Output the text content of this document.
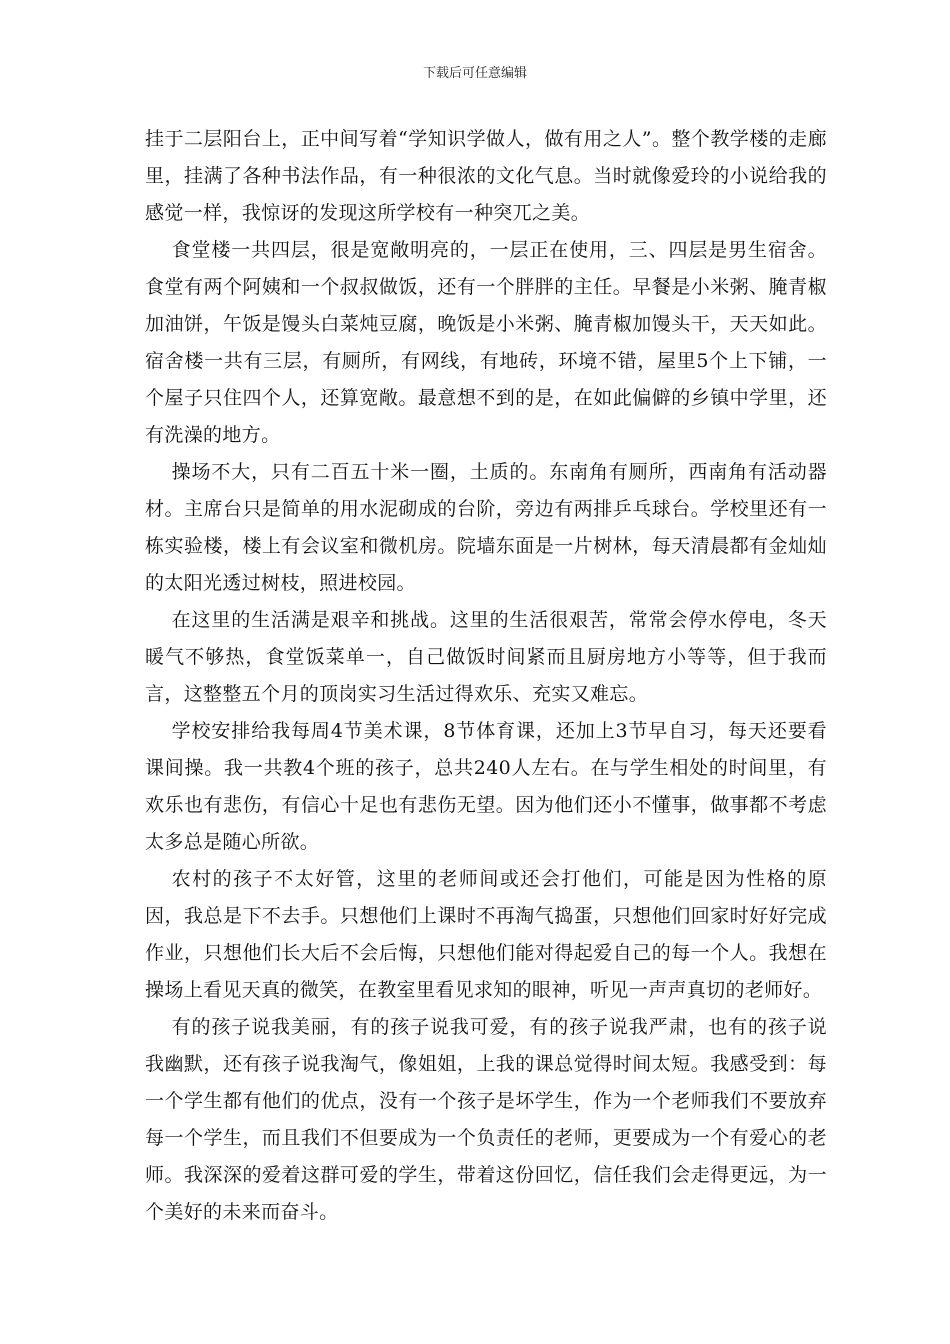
下载后可任意编辑

挂于二层阳台上，正中间写着“学知识学做人，做有用之人”。整个教学楼的走廊里，挂满了各种书法作品，有一种很浓的文化气息。当时就像爱玲的小说给我的感觉一样，我惊讶的发现这所学校有一种突兀之美。

食堂楼一共四层，很是宽敞明亮的，一层正在使用，三、四层是男生宿舍。食堂有两个阿姨和一个叔叔做饭，还有一个胖胖的主任。早餐是小米粥、腌青椒加油饼，午饭是馒头白菜炖豆腐，晚饭是小米粥、腌青椒加馒头干，天天如此。宿舍楼一共有三层，有厕所，有网线，有地砖，环境不错，屋里5个上下铺，一个屋子只住四个人，还算宽敞。最意想不到的是，在如此偏僻的乡镇中学里，还有洗澡的地方。

操场不大，只有二百五十米一圈，土质的。东南角有厕所，西南角有活动器材。主席台只是简单的用水泥砌成的台阶，旁边有两排乒乓球台。学校里还有一栋实验楼，楼上有会议室和微机房。院墙东面是一片树林，每天清晨都有金灿灿的太阳光透过树枝，照进校园。

在这里的生活满是艰辛和挑战。这里的生活很艰苦，常常会停水停电，冬天暖气不够热，食堂饭菜单一，自己做饭时间紧而且厨房地方小等等，但于我而言，这整整五个月的顶岗实习生活过得欢乐、充实又难忘。

学校安排给我每周4节美术课，8节体育课，还加上3节早自习，每天还要看课间操。我一共教4个班的孩子，总共240人左右。在与学生相处的时间里，有欢乐也有悲伤，有信心十足也有悲伤无望。因为他们还小不懂事，做事都不考虑太多总是随心所欲。

农村的孩子不太好管，这里的老师间或还会打他们，可能是因为性格的原因，我总是下不去手。只想他们上课时不再淘气捣蛋，只想他们回家时好好完成作业，只想他们长大后不会后悔，只想他们能对得起爱自己的每一个人。我想在操场上看见天真的微笑，在教室里看见求知的眼神，听见一声声真切的老师好。

有的孩子说我美丽，有的孩子说我可爱，有的孩子说我严肃，也有的孩子说我幽默，还有孩子说我淘气，像姐姐，上我的课总觉得时间太短。我感受到：每一个学生都有他们的优点，没有一个孩子是坏学生，作为一个老师我们不要放弃每一个学生，而且我们不但要成为一个负责任的老师，更要成为一个有爱心的老师。我深深的爱着这群可爱的学生，带着这份回忆，信任我们会走得更远，为一个美好的未来而奋斗。
